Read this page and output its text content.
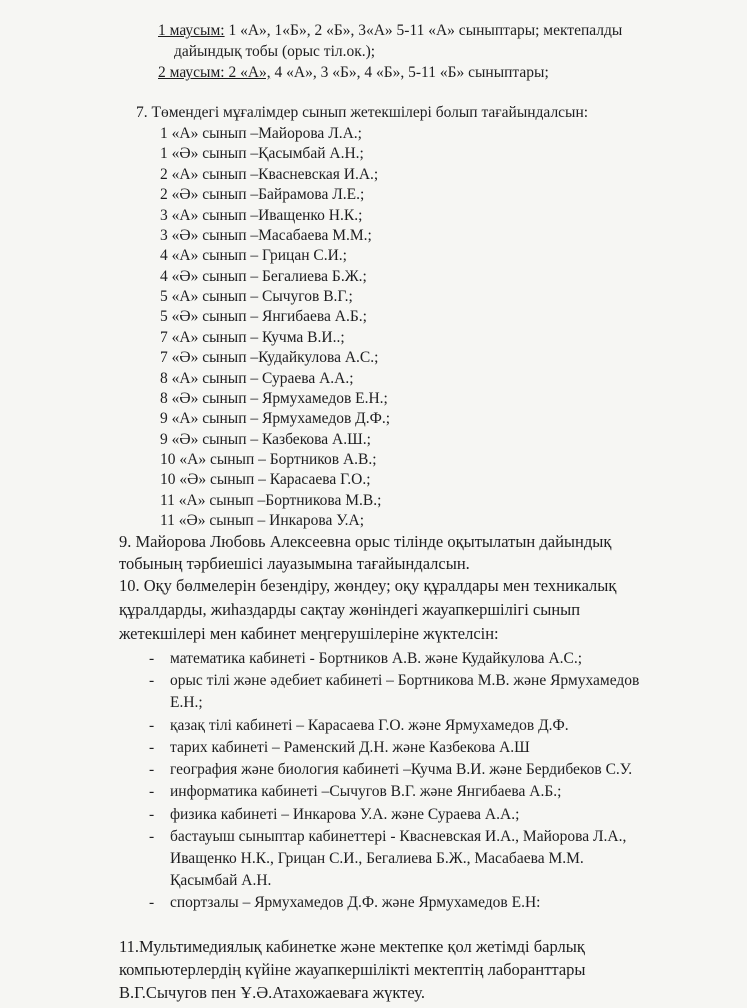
1 маусым: 1 «А», 1«Б», 2 «Б», 3«А» 5-11 «А» сыныптары; мектепалды
дайындық тобы (орыс тіл.ок.);
2 маусым: 2 «А», 4 «А», 3 «Б», 4 «Б», 5-11 «Б» сыныптары;
7. Төмендегі мұғалімдер сынып жетекшілері болып тағайындалсын:
1 «А» сынып –Майорова Л.А.;
1 «Ә» сынып –Қасымбай А.Н.;
2 «А» сынып –Квасневская И.А.;
2 «Ә» сынып –Байрамова Л.Е.;
3 «А» сынып –Иващенко Н.К.;
3 «Ә» сынып –Масабаева М.М.;
4 «А» сынып – Грицан С.И.;
4 «Ә» сынып – Бегалиева Б.Ж.;
5 «А» сынып – Сычугов В.Г.;
5 «Ә» сынып – Янгибаева А.Б.;
7 «А» сынып – Кучма В.И..;
7 «Ә» сынып –Кудайкулова А.С.;
8 «А» сынып – Сураева А.А.;
8 «Ә» сынып – Ярмухамедов Е.Н.;
9 «А» сынып – Ярмухамедов Д.Ф.;
9 «Ә» сынып – Казбекова А.Ш.;
10 «А» сынып – Бортников А.В.;
10 «Ә» сынып – Карасаева Г.О.;
11 «А» сынып –Бортникова М.В.;
11 «Ә» сынып – Инкарова У.А;
9. Майорова Любовь Алексеевна орыс тілінде оқытылатын дайындық
тобының тәрбиешісі лауазымына тағайындалсын.
10. Оқу бөлмелерін безендіру, жөндеу; оқу құралдары мен техникалық
құралдарды, жиһаздарды сақтау жөніндегі жауапкершілігі сынып
жетекшілері мен кабинет меңгерушілеріне жүктелсін:
- математика кабинеті - Бортников А.В. және Кудайкулова А.С.;
- орыс тілі және әдебиет кабинеті – Бортникова М.В. және Ярмухамедов
Е.Н.;
- қазақ тілі кабинеті – Карасаева Г.О. және Ярмухамедов Д.Ф.
- тарих кабинеті – Раменский Д.Н. және Казбекова А.Ш
- география және биология кабинеті –Кучма В.И. және Бердибеков С.У.
- информатика кабинеті –Сычугов В.Г. және Янгибаева А.Б.;
- физика кабинеті – Инкарова У.А. және Сураева А.А.;
- бастауыш сыныптар кабинеттері - Квасневская И.А., Майорова Л.А.,
Иващенко Н.К., Грицан С.И., Бегалиева Б.Ж., Масабаева М.М.
Қасымбай А.Н.
- спортзалы – Ярмухамедов Д.Ф. және Ярмухамедов Е.Н:
11.Мультимедиялық кабинетке және мектепке қол жетімді барлық
компьютерлердің күйіне жауапкершілікті мектептің лаборанттары
В.Г.Сычугов пен Ұ.Ә.Атахожаеваға жүктеу.
